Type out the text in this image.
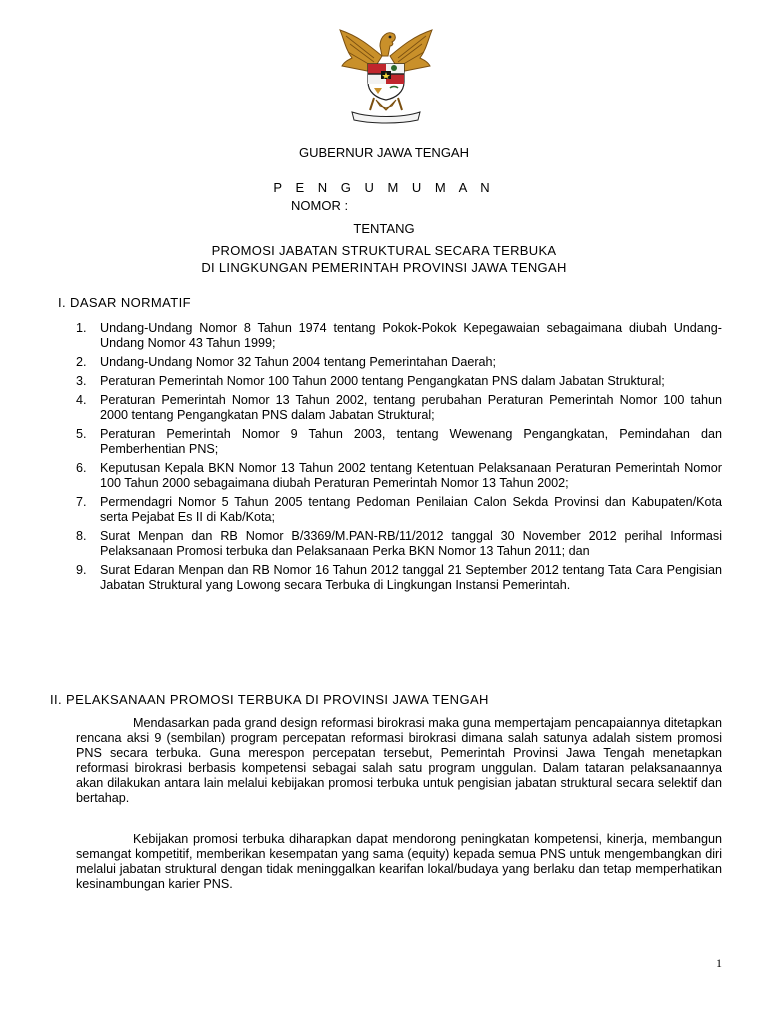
GUBERNUR JAWA TENGAH
P E N G U M U M A N
NOMOR :
TENTANG
PROMOSI JABATAN STRUKTURAL SECARA TERBUKA
DI LINGKUNGAN PEMERINTAH PROVINSI JAWA TENGAH
I. DASAR NORMATIF
1.	Undang-Undang Nomor 8 Tahun 1974 tentang Pokok-Pokok Kepegawaian sebagaimana diubah Undang-Undang Nomor 43 Tahun 1999;
2.	Undang-Undang Nomor 32 Tahun 2004 tentang Pemerintahan Daerah;
3.	Peraturan Pemerintah Nomor 100 Tahun 2000 tentang Pengangkatan PNS dalam Jabatan Struktural;
4.	Peraturan Pemerintah Nomor 13 Tahun 2002, tentang perubahan Peraturan Pemerintah Nomor 100 tahun 2000 tentang Pengangkatan PNS dalam Jabatan Struktural;
5.	Peraturan Pemerintah Nomor 9 Tahun 2003, tentang Wewenang Pengangkatan, Pemindahan dan Pemberhentian PNS;
6.	Keputusan Kepala BKN Nomor 13 Tahun 2002 tentang Ketentuan Pelaksanaan Peraturan Pemerintah Nomor 100 Tahun 2000 sebagaimana diubah Peraturan Pemerintah Nomor 13 Tahun 2002;
7.	Permendagri Nomor 5 Tahun 2005 tentang Pedoman Penilaian Calon Sekda Provinsi dan Kabupaten/Kota serta Pejabat Es II di Kab/Kota;
8.	Surat Menpan dan RB Nomor B/3369/M.PAN-RB/11/2012 tanggal 30 November 2012 perihal Informasi Pelaksanaan Promosi terbuka dan Pelaksanaan Perka BKN Nomor 13 Tahun 2011; dan
9.	Surat Edaran Menpan dan RB Nomor 16 Tahun 2012 tanggal 21 September 2012 tentang Tata Cara Pengisian Jabatan Struktural yang Lowong secara Terbuka di Lingkungan Instansi Pemerintah.
II. PELAKSANAAN PROMOSI TERBUKA DI PROVINSI JAWA TENGAH

Mendasarkan pada grand design reformasi birokrasi maka guna mempertajam pencapaiannya ditetapkan rencana aksi 9 (sembilan) program percepatan reformasi birokrasi dimana salah satunya adalah sistem promosi PNS secara terbuka. Guna merespon percepatan tersebut, Pemerintah Provinsi Jawa Tengah menetapkan reformasi birokrasi berbasis kompetensi sebagai salah satu program unggulan. Dalam tataran pelaksanaannya akan dilakukan antara lain melalui kebijakan promosi terbuka untuk pengisian jabatan struktural secara selektif dan bertahap.

Kebijakan promosi terbuka diharapkan dapat mendorong peningkatan kompetensi, kinerja, membangun semangat kompetitif, memberikan kesempatan yang sama (equity) kepada semua PNS untuk mengembangkan diri melalui jabatan struktural dengan tidak meninggalkan kearifan lokal/budaya yang berlaku dan tetap memperhatikan kesinambungan karier PNS.

1
